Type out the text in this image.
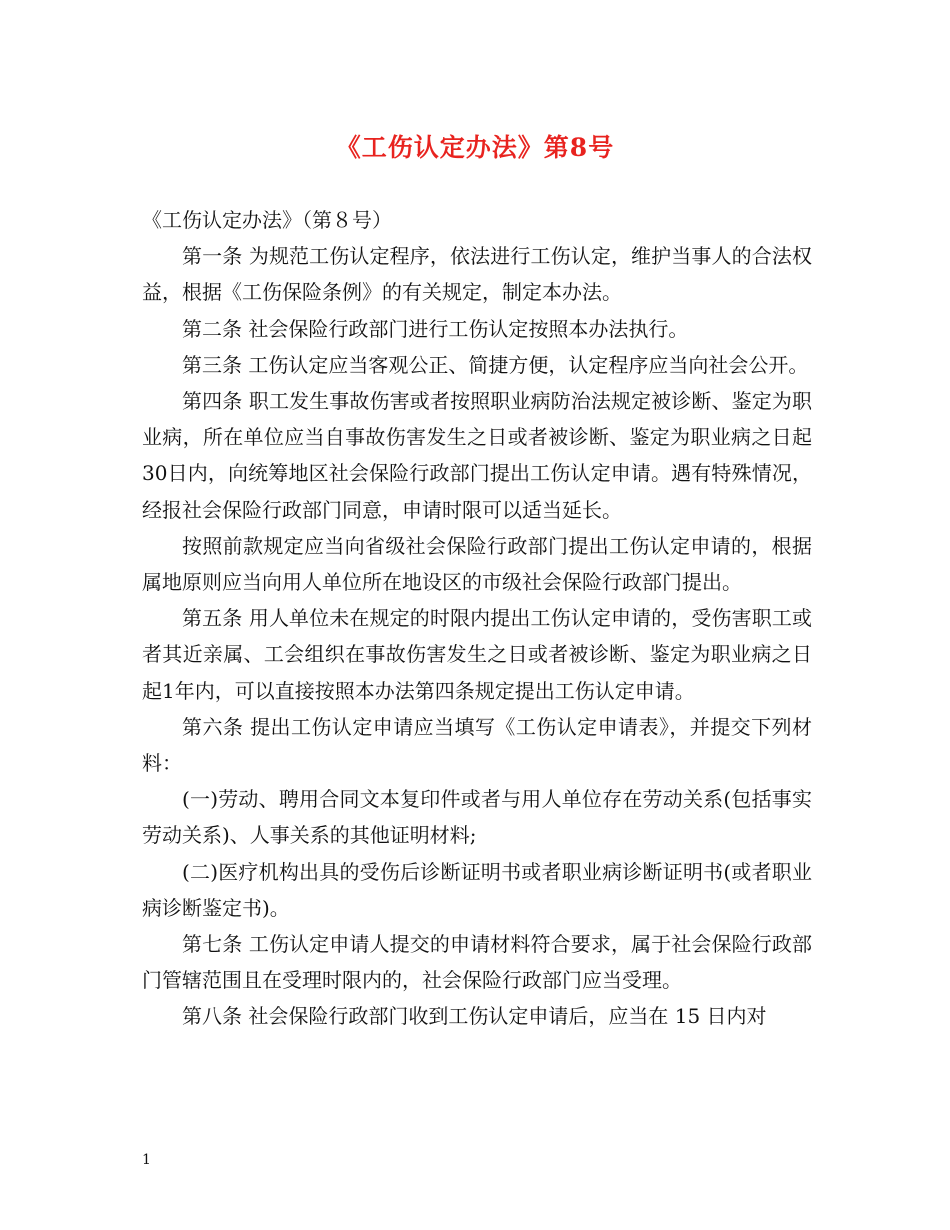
《工伤认定办法》第8号

《工伤认定办法》（第８号）

第一条 为规范工伤认定程序，依法进行工伤认定，维护当事人的合法权益，根据《工伤保险条例》的有关规定，制定本办法。

第二条 社会保险行政部门进行工伤认定按照本办法执行。

第三条 工伤认定应当客观公正、简捷方便，认定程序应当向社会公开。

第四条 职工发生事故伤害或者按照职业病防治法规定被诊断、鉴定为职业病，所在单位应当自事故伤害发生之日或者被诊断、鉴定为职业病之日起30日内，向统筹地区社会保险行政部门提出工伤认定申请。遇有特殊情况，经报社会保险行政部门同意，申请时限可以适当延长。

按照前款规定应当向省级社会保险行政部门提出工伤认定申请的，根据属地原则应当向用人单位所在地设区的市级社会保险行政部门提出。

第五条 用人单位未在规定的时限内提出工伤认定申请的，受伤害职工或者其近亲属、工会组织在事故伤害发生之日或者被诊断、鉴定为职业病之日起1年内，可以直接按照本办法第四条规定提出工伤认定申请。

第六条 提出工伤认定申请应当填写《工伤认定申请表》，并提交下列材料：

(一)劳动、聘用合同文本复印件或者与用人单位存在劳动关系(包括事实劳动关系)、人事关系的其他证明材料;

(二)医疗机构出具的受伤后诊断证明书或者职业病诊断证明书(或者职业病诊断鉴定书)。

第七条 工伤认定申请人提交的申请材料符合要求，属于社会保险行政部门管辖范围且在受理时限内的，社会保险行政部门应当受理。

第八条 社会保险行政部门收到工伤认定申请后，应当在 15 日内对

1
